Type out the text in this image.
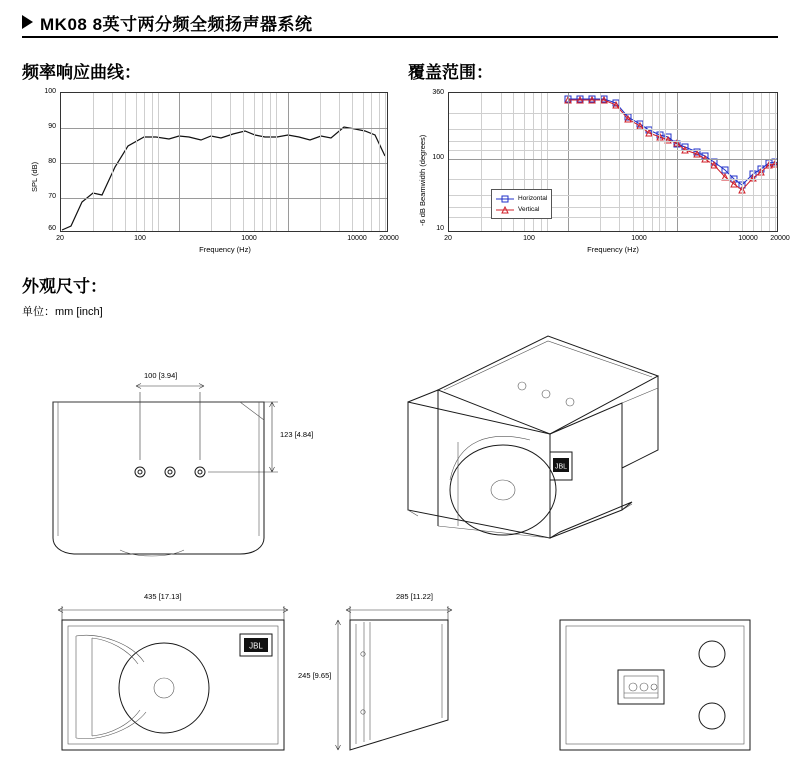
MK08 8英寸两分频全频扬声器系统
频率响应曲线：	覆盖范围：
外观尺寸：
单位：mm [inch]
SPL (dB)
100
90
80
70
60
20	100	1000	10000	20000
Frequency (Hz)
-6 dB Beamwidth (degrees)
360
100
10
20	100	1000	10000	20000
Frequency (Hz)
Horizontal
Vertical
100 [3.94]
123 [4.84]
JBL
JBL
435 [17.13]	285 [11.22]
245 [9.65]
